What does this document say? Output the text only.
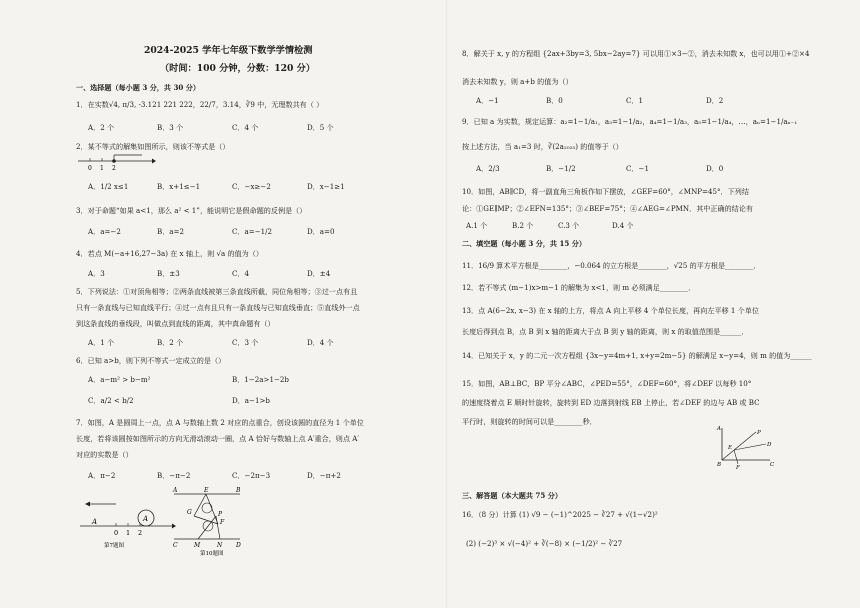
2024-2025 学年七年级下数学学情检测
（时间：100 分钟，分数：120 分）
一、选择题（每小题 3 分，共 30 分）
1．在实数√4, π/3, -3.121 221 222，22/7，3.14，∛9 中，无理数共有（ ）
A．2 个	B．3 个	C．4 个	D．5 个
2．某不等式的解集如图所示，则该不等式是（）
0 1 2
A．1/2 x≤1	B．x+1≤−1	C．−x≥−2	D．x−1≥1
3．对于命题“如果 a<1，那么 a² < 1”，能说明它是假命题的反例是（）
A．a=−2	B．a=2	C．a=−1/2	D．a=0
4．若点 M(−a+16,27−3a) 在 x 轴上，则 √a 的值为（）
A．3	B．±3	C．4	D．±4
5．下列说法：①对顶角相等；②两条直线被第三条直线所截，同位角相等；③过一点有且
只有一条直线与已知直线平行；④过一点有且只有一条直线与已知直线垂直；⑤直线外一点
到这条直线的垂线段，叫做点到直线的距离，其中真命题有（）
A．1 个	B．2 个	C．3 个	D．4 个
6．已知 a>b，则下列不等式一定成立的是（）
A．a−m² > b−m²	B．1−2a>1−2b
C．a/2 < b/2	D．a−1>b
7．如图，A 是圆周上一点，点 A 与数轴上数 2 对应的点重合，创设该圆的直径为 1 个单位
长度，若将该圆按如图所示的方向无滑动滚动一圈，点 A 恰好与数轴上点 A′重合，则点 A′
对应的实数是（）
A．π−2	B．−π−2	C．−2π−3	D．−π+2
A	A
0 1 2
第7题图
A	E	B
G
F
P
C	M	N D
第10题图
8．解关于 x, y 的方程组 {2ax+3by=3, 5bx−2ay=7} 可以用①×3−②，消去未知数 x，也可以用①+②×4
消去未知数 y，则 a+b 的值为（）
A．−1	B．0	C．1	D．2
9．已知 a 为实数，规定运算：a₂=1−1/a₁，a₃=1−1/a₂，a₄=1−1/a₃，a₅=1−1/a₄，…，aₙ=1−1/aₙ₋₁
按上述方法，当 a₁=3 时，∛(2a₂₀₂₅) 的值等于（）
A．2/3	B．−1/2	C．−1	D．0
10．如图，AB∥CD，将一副直角三角板作如下摆放，∠GEF=60°，∠MNP=45°．下列结
论：①GE∥MP；②∠EFN=135°；③∠BEF=75°；④∠AEG=∠PMN．其中正确的结论有
A.1 个	B.2 个	C.3 个	D.4 个
二、填空题（每小题 3 分，共 15 分）
11．16/9 算术平方根是________，−0.064 的立方根是________，√25 的平方根是________．
12．若不等式 (m−1)x>m−1 的解集为 x<1，则 m 必须满足________．
13．点 A(6−2x, x−3) 在 x 轴的上方，将点 A 向上平移 4 个单位长度，再向左平移 1 个单位
长度后得到点 B，点 B 到 x 轴的距离大于点 B 到 y 轴的距离，则 x 的取值范围是______．
14．已知关于 x，y 的二元一次方程组 {3x−y=4m+1, x+y=2m−5} 的解满足 x−y=4，则 m 的值为______
15．如图，AB⊥BC，BP 平分∠ABC，∠PED=55°，∠DEF=60°，将∠DEF 以每秒 10°
的速度绕着点 E 顺时针旋转，旋转到 ED 边落到射线 EB 上停止，若∠DEF 的边与 AB 或 BC
平行时，则旋转的时间可以是________秒．
A
P
E	D
B	F	C
三、解答题（本大题共 75 分）
16．（8 分）计算 (1) √9 − (−1)^2025 − ∛27 + √(1−√2)²
(2) (−2)³ × √(−4)² + ∛(−8) × (−1/2)² − ∛27
